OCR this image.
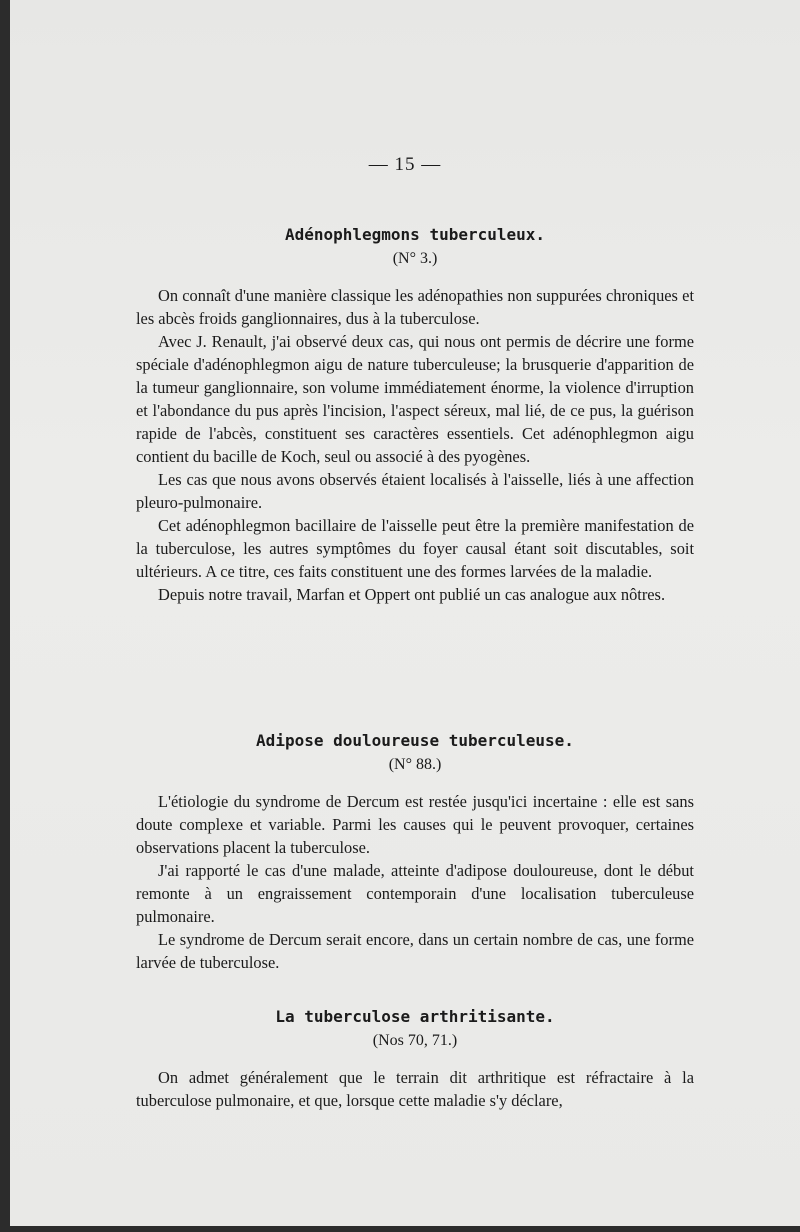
— 15 —
Adénophlegmons tuberculeux.
(N° 3.)

On connaît d'une manière classique les adénopathies non suppurées chroniques et les abcès froids ganglionnaires, dus à la tuberculose.

Avec J. Renault, j'ai observé deux cas, qui nous ont permis de décrire une forme spéciale d'adénophlegmon aigu de nature tuberculeuse; la brusquerie d'apparition de la tumeur ganglionnaire, son volume immédiatement énorme, la violence d'irruption et l'abondance du pus après l'incision, l'aspect séreux, mal lié, de ce pus, la guérison rapide de l'abcès, constituent ses caractères essentiels. Cet adénophlegmon aigu contient du bacille de Koch, seul ou associé à des pyogènes.

Les cas que nous avons observés étaient localisés à l'aisselle, liés à une affection pleuro-pulmonaire.

Cet adénophlegmon bacillaire de l'aisselle peut être la première manifestation de la tuberculose, les autres symptômes du foyer causal étant soit discutables, soit ultérieurs. A ce titre, ces faits constituent une des formes larvées de la maladie.

Depuis notre travail, Marfan et Oppert ont publié un cas analogue aux nôtres.

Adipose douloureuse tuberculeuse.
(N° 88.)

L'étiologie du syndrome de Dercum est restée jusqu'ici incertaine : elle est sans doute complexe et variable. Parmi les causes qui le peuvent provoquer, certaines observations placent la tuberculose.

J'ai rapporté le cas d'une malade, atteinte d'adipose douloureuse, dont le début remonte à un engraissement contemporain d'une localisation tuberculeuse pulmonaire.

Le syndrome de Dercum serait encore, dans un certain nombre de cas, une forme larvée de tuberculose.

La tuberculose arthritisante.
(Nos 70, 71.)

On admet généralement que le terrain dit arthritique est réfractaire à la tuberculose pulmonaire, et que, lorsque cette maladie s'y déclare,
